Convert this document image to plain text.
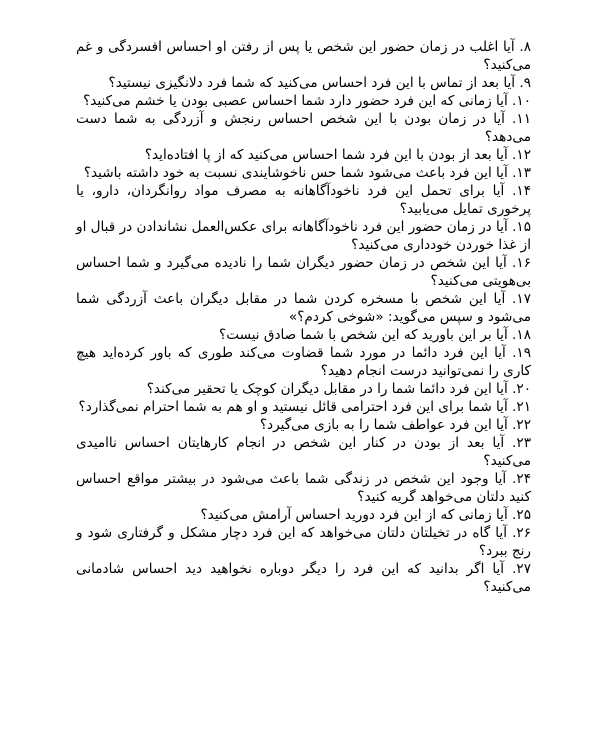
۸. آیا اغلب در زمان حضور این شخص یا پس از رفتن او احساس افسردگی و غم می‌کنید؟

۹. آیا بعد از تماس با این فرد احساس می‌کنید که شما فرد دلانگیزی نیستید؟

۱۰. آیا زمانی که این فرد حضور دارد شما احساس عصبی بودن یا خشم می‌کنید؟

۱۱. آیا در زمان بودن با این شخص احساس رنجش و آزردگی به شما دست می‌دهد؟

۱۲. آیا بعد از بودن با این فرد شما احساس می‌کنید که از پا افتاده‌اید؟

۱۳. آیا این فرد باعث می‌شود شما حس ناخوشایندی نسبت به خود داشته باشید؟

۱۴. آیا برای تحمل این فرد ناخودآگاهانه به مصرف مواد روانگردان، دارو، یا پرخوری تمایل می‌یابید؟

۱۵. آیا در زمان حضور این فرد ناخودآگاهانه برای عکس‌العمل نشاندادن در قبال او از غذا خوردن خودداری می‌کنید؟

۱۶. آیا این شخص در زمان حضور دیگران شما را نادیده می‌گیرد و شما احساس بی‌هویتی می‌کنید؟

۱۷. آیا این شخص با مسخره کردن شما در مقابل دیگران باعث آزردگی شما می‌شود و سپس می‌گوید: «شوخی کردم؟»

۱۸. آیا بر این باورید که این شخص با شما صادق نیست؟

۱۹. آیا این فرد دائما در مورد شما قضاوت می‌کند طوری که باور کرده‌اید هیچ کاری را نمی‌توانید درست انجام دهید؟

۲۰. آیا این فرد دائما شما را در مقابل دیگران کوچک یا تحقیر می‌کند؟

۲۱. آیا شما برای این فرد احترامی قائل نیستید و او هم به شما احترام نمی‌گذارد؟

۲۲. آیا این فرد عواطف شما را به بازی می‌گیرد؟

۲۳. آیا بعد از بودن در کنار این شخص در انجام کارهایتان احساس ناامیدی می‌کنید؟

۲۴. آیا وجود این شخص در زندگی شما باعث می‌شود در بیشتر مواقع احساس کنید دلتان می‌خواهد گریه کنید؟

۲۵. آیا زمانی که از این فرد دورید احساس آرامش می‌کنید؟

۲۶. آیا گاه در تخیلتان دلتان می‌خواهد که این فرد دچار مشکل و گرفتاری شود و رنج ببرد؟

۲۷. آیا اگر بدانید که این فرد را دیگر دوباره نخواهید دید احساس شادمانی می‌کنید؟
